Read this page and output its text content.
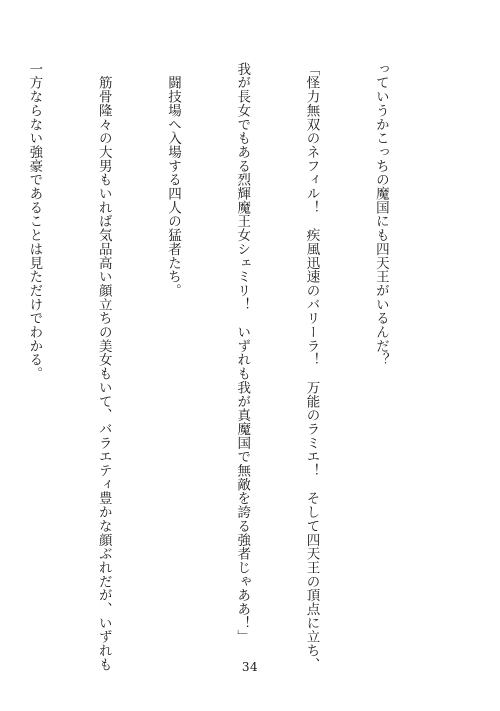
っていうかこっちの魔国にも四天王がいるんだ？

「怪力無双のネフィル！　疾風迅速のバリーラ！　万能のラミエ！　そして四天王の頂点に立ち、

我が長女でもある烈輝魔王女シェミリ！　いずれも我が真魔国で無敵を誇る強者じゃああ！」

　闘技場へ入場する四人の猛者たち。

　筋骨隆々の大男もいれば気品高い顔立ちの美女もいて、バラエティ豊かな顔ぶれだが、いずれも

一方ならない強豪であることは見ただけでわかる。

34
